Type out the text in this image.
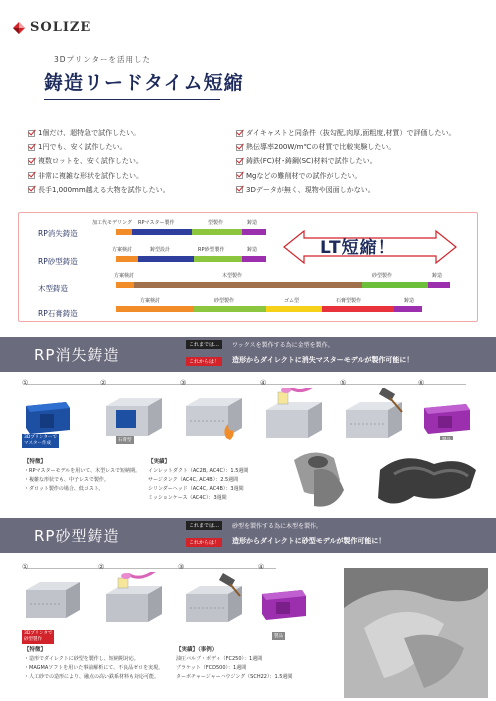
SOLIZE
3Dプリンターを活用した
鋳造リードタイム短縮
1個だけ、超特急で試作したい。
1円でも、安く試作したい。
複数ロットを、安く試作したい。
非常に複雑な形状を試作したい。
長手1,000mm越える大物を試作したい。
ダイキャストと同条件（抜勾配,肉厚,面粗度,材質）で評価したい。
熱伝導率200W/m℃の材質で比較実験したい。
鋳鉄(FC)材･鋳鋼(SC)材料で試作したい。
Mgなどの難削材での試作がしたい。
3Dデータが無く、現物や図面しかない。
RP消失鋳造
加工代モデリング RPマスター製作	型製作	鋳造
RP砂型鋳造
方案検討	鋳型設計	RP砂型製作	鋳造
木型鋳造
方案検討	木型製作	砂型製作	鋳造
RP石膏鋳造
方案検討	砂型製作	ゴム型	石膏型製作	鋳造
LT短縮！
RP消失鋳造
これまでは…	ワックスを製作する為に金型を製作。
これからは！	造形からダイレクトに消失マスターモデルが製作可能に！
①	②	③	④	⑤	⑥
3Dプリンターで
マスター作成
石膏型
【特徴】
・RPマスターモデルを用いて、木型レスで短納期。
・複雑な形状でも、中子レスで製作。
・ダロット製作の場合、低コスト。
【実績】
インレットダクト（AC2B, AC4C）：1.5週間
サージタンク（AC4C, AC4B）：2.5週間
シリンダーヘッド（AC4C, AC4B）：3週間
ミッションケース（AC4C）：3週間
RP砂型鋳造
これまでは…	砂型を製作する為に木型を製作。
これからは！	造形からダイレクトに砂型モデルが製作可能に！
①	②	③	④
3Dプリンタで
砂型製作
製品
【特徴】
・造形でダイレクトに砂型を製作し、短納期対応。
・MAGMAソフトを用いた事前解析にて、不良品ゼロを実現。
・人工砂での造形により、融点の高い鉄系材料も対応可能。
【実績】（事例）
油圧バルブ・ボディ（FC250）：1週間
ブラケット（FCD500）：1週間
ターボチャージャーハウジング（SCH22）：1.5週間
